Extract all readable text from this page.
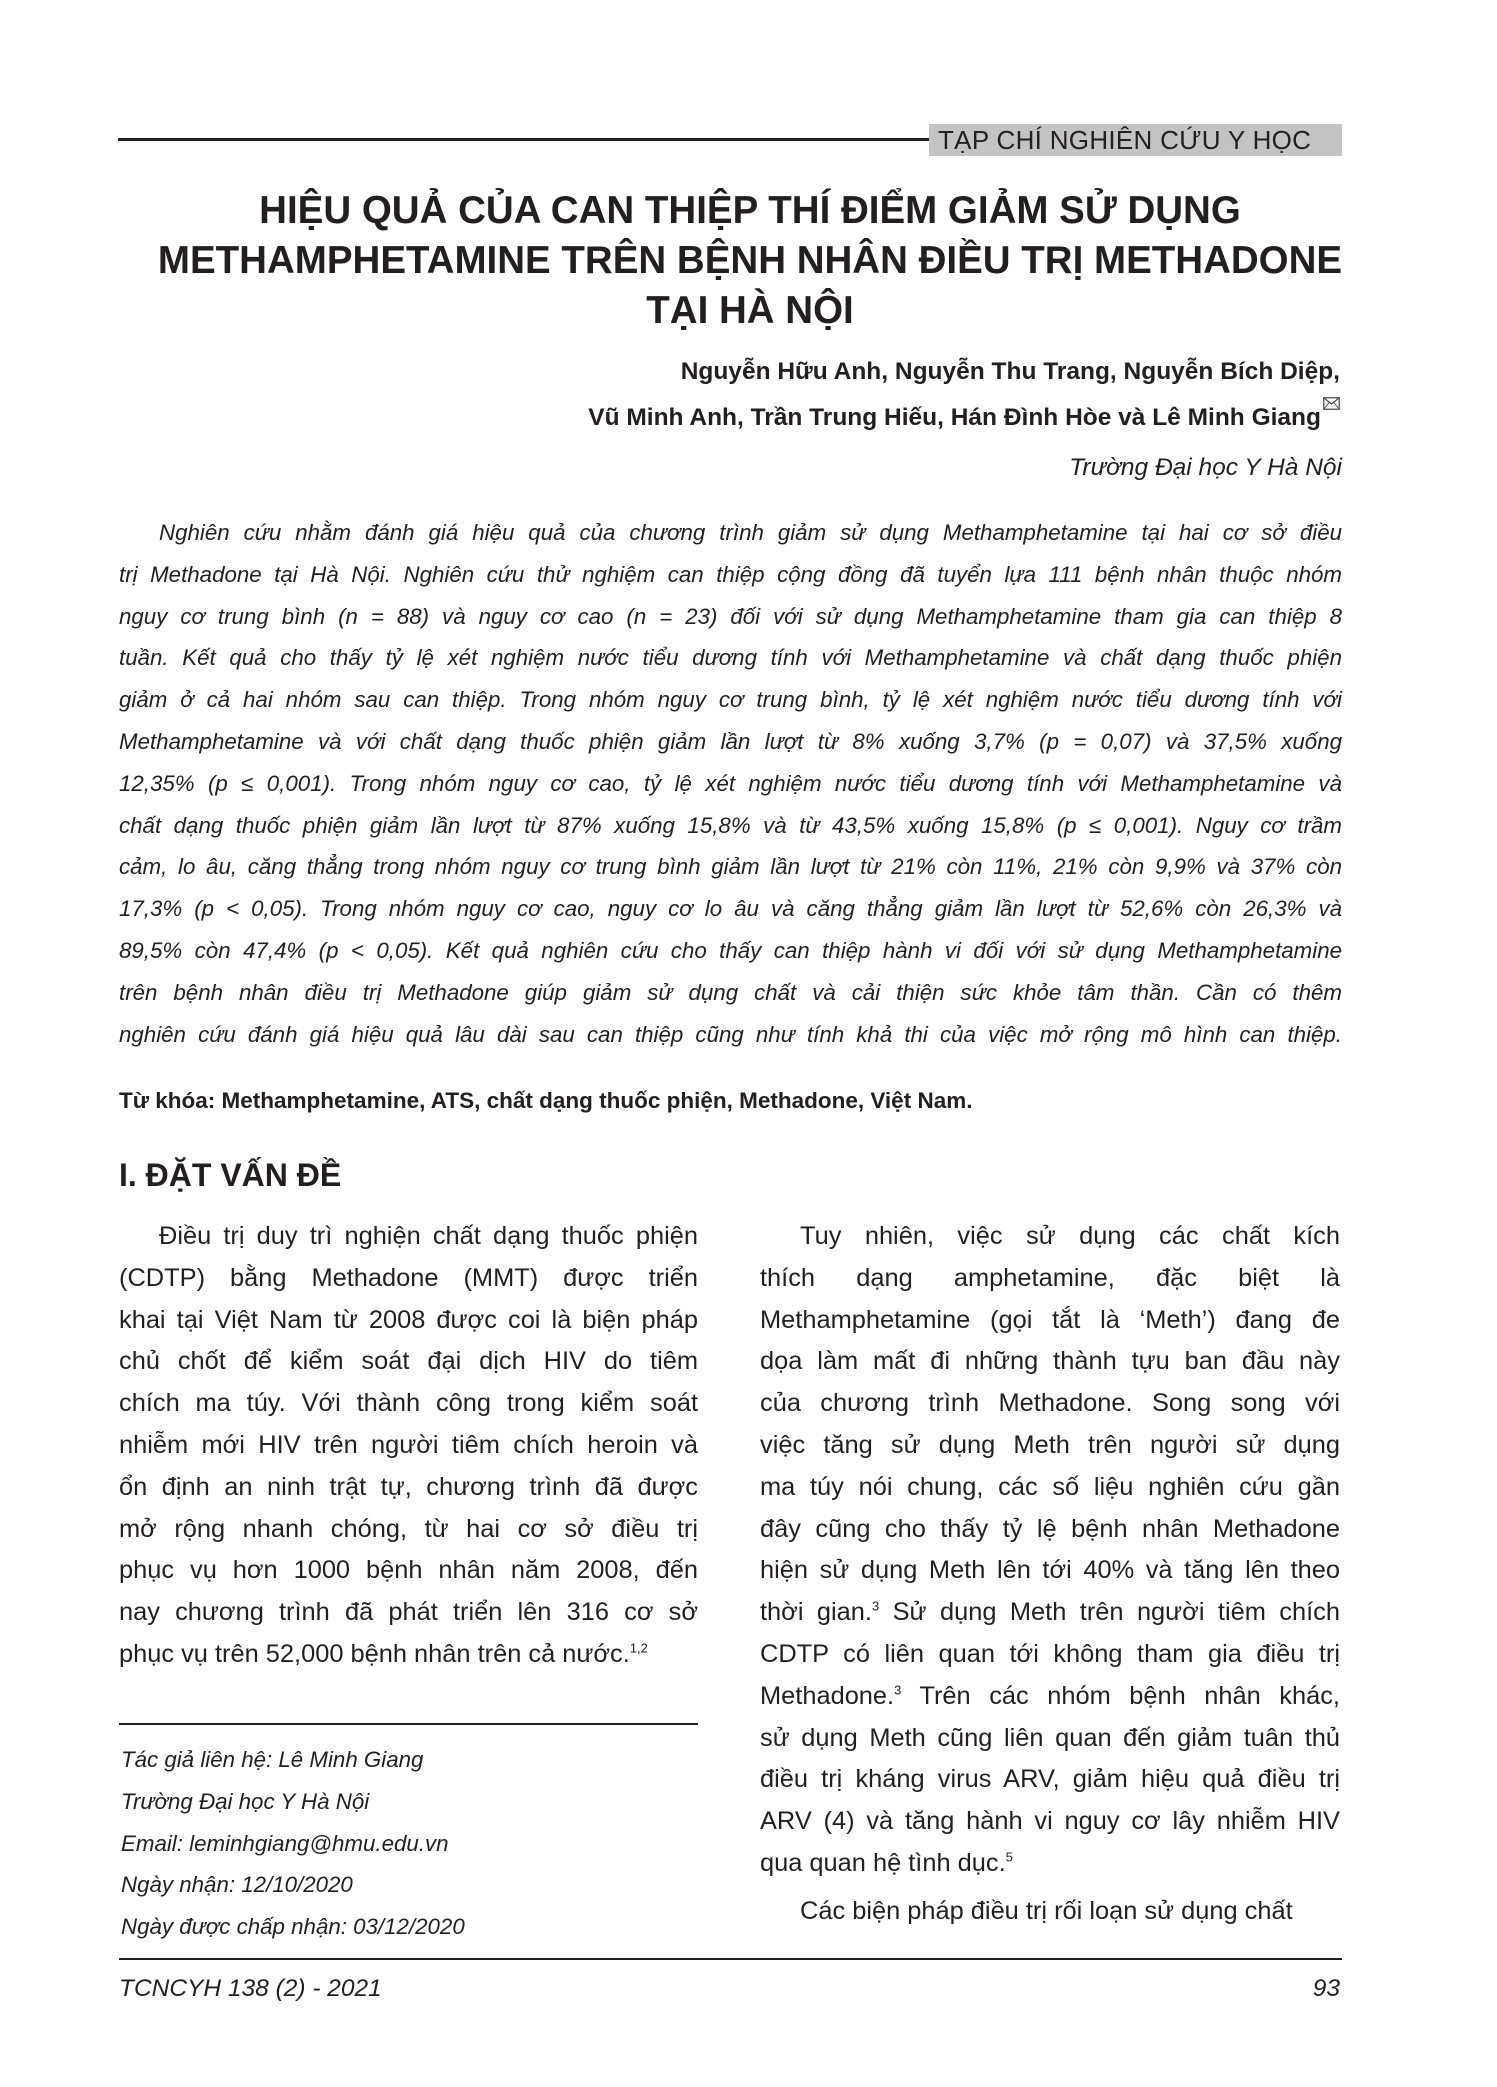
TẠP CHÍ NGHIÊN CỨU Y HỌC
HIỆU QUẢ CỦA CAN THIỆP THÍ ĐIỂM GIẢM SỬ DỤNG
METHAMPHETAMINE TRÊN BỆNH NHÂN ĐIỀU TRỊ METHADONE
TẠI HÀ NỘI
Nguyễn Hữu Anh, Nguyễn Thu Trang, Nguyễn Bích Diệp,
Vũ Minh Anh, Trần Trung Hiếu, Hán Đình Hòe và Lê Minh Giang
Trường Đại học Y Hà Nội
Nghiên cứu nhằm đánh giá hiệu quả của chương trình giảm sử dụng Methamphetamine tại hai cơ sở điều
trị Methadone tại Hà Nội. Nghiên cứu thử nghiệm can thiệp cộng đồng đã tuyển lựa 111 bệnh nhân thuộc nhóm
nguy cơ trung bình (n = 88) và nguy cơ cao (n = 23) đối với sử dụng Methamphetamine tham gia can thiệp 8
tuần. Kết quả cho thấy tỷ lệ xét nghiệm nước tiểu dương tính với Methamphetamine và chất dạng thuốc phiện
giảm ở cả hai nhóm sau can thiệp. Trong nhóm nguy cơ trung bình, tỷ lệ xét nghiệm nước tiểu dương tính với
Methamphetamine và với chất dạng thuốc phiện giảm lần lượt từ 8% xuống 3,7% (p = 0,07) và 37,5% xuống
12,35% (p ≤ 0,001). Trong nhóm nguy cơ cao, tỷ lệ xét nghiệm nước tiểu dương tính với Methamphetamine và
chất dạng thuốc phiện giảm lần lượt từ 87% xuống 15,8% và từ 43,5% xuống 15,8% (p ≤ 0,001). Nguy cơ trầm
cảm, lo âu, căng thẳng trong nhóm nguy cơ trung bình giảm lần lượt từ 21% còn 11%, 21% còn 9,9% và 37% còn
17,3% (p < 0,05). Trong nhóm nguy cơ cao, nguy cơ lo âu và căng thẳng giảm lần lượt từ 52,6% còn 26,3% và
89,5% còn 47,4% (p < 0,05). Kết quả nghiên cứu cho thấy can thiệp hành vi đối với sử dụng Methamphetamine
trên bệnh nhân điều trị Methadone giúp giảm sử dụng chất và cải thiện sức khỏe tâm thần. Cần có thêm
nghiên cứu đánh giá hiệu quả lâu dài sau can thiệp cũng như tính khả thi của việc mở rộng mô hình can thiệp.
Từ khóa: Methamphetamine, ATS, chất dạng thuốc phiện, Methadone, Việt Nam.
I. ĐẶT VẤN ĐỀ
Điều trị duy trì nghiện chất dạng thuốc phiện
(CDTP) bằng Methadone (MMT) được triển
khai tại Việt Nam từ 2008 được coi là biện pháp
chủ chốt để kiểm soát đại dịch HIV do tiêm
chích ma túy. Với thành công trong kiểm soát
nhiễm mới HIV trên người tiêm chích heroin và
ổn định an ninh trật tự, chương trình đã được
mở rộng nhanh chóng, từ hai cơ sở điều trị
phục vụ hơn 1000 bệnh nhân năm 2008, đến
nay chương trình đã phát triển lên 316 cơ sở
phục vụ trên 52,000 bệnh nhân trên cả nước.$^{1,2}$
Tuy nhiên, việc sử dụng các chất kích
thích dạng amphetamine, đặc biệt là
Methamphetamine (gọi tắt là ‘Meth’) đang đe
dọa làm mất đi những thành tựu ban đầu này
của chương trình Methadone. Song song với
việc tăng sử dụng Meth trên người sử dụng
ma túy nói chung, các số liệu nghiên cứu gần
đây cũng cho thấy tỷ lệ bệnh nhân Methadone
hiện sử dụng Meth lên tới 40% và tăng lên theo
thời gian.$^3$ Sử dụng Meth trên người tiêm chích
CDTP có liên quan tới không tham gia điều trị
Methadone.$^3$ Trên các nhóm bệnh nhân khác,
sử dụng Meth cũng liên quan đến giảm tuân thủ
điều trị kháng virus ARV, giảm hiệu quả điều trị
ARV (4) và tăng hành vi nguy cơ lây nhiễm HIV
qua quan hệ tình dục.$^5$
Các biện pháp điều trị rối loạn sử dụng chất
Tác giả liên hệ: Lê Minh Giang
Trường Đại học Y Hà Nội
Email: leminhgiang@hmu.edu.vn
Ngày nhận: 12/10/2020
Ngày được chấp nhận: 03/12/2020
TCNCYH 138 (2) - 2021	93
